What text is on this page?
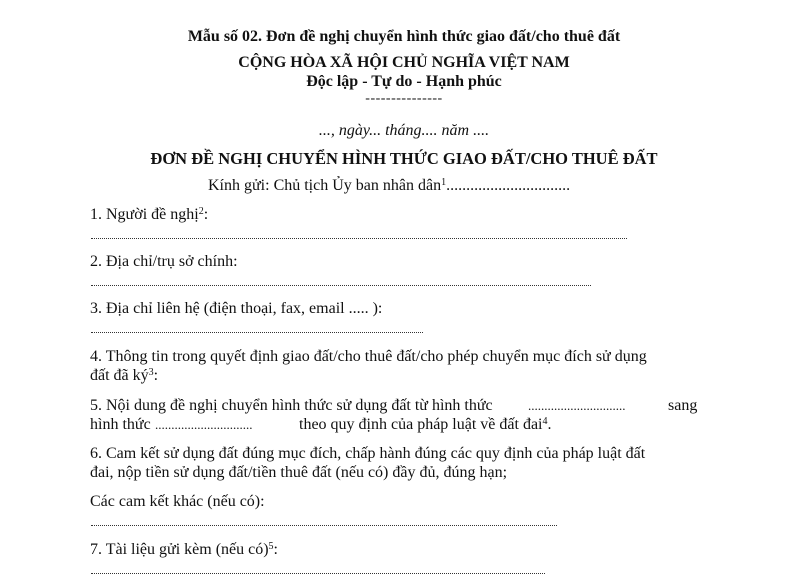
Mẫu số 02. Đơn đề nghị chuyển hình thức giao đất/cho thuê đất
CỘNG HÒA XÃ HỘI CHỦ NGHĨA VIỆT NAM
Độc lập - Tự do - Hạnh phúc
---------------
..., ngày... tháng.... năm ....
ĐƠN ĐỀ NGHỊ CHUYỂN HÌNH THỨC GIAO ĐẤT/CHO THUÊ ĐẤT
Kính gửi: Chủ tịch Ủy ban nhân dân$^1$...............................
1. Người đề nghị$^2$:
2. Địa chỉ/trụ sở chính:
3. Địa chỉ liên hệ (điện thoại, fax, email ..... ):
4. Thông tin trong quyết định giao đất/cho thuê đất/cho phép chuyển mục đích sử dụng
đất đã $ký^3$:
5. Nội dung đề nghị chuyển hình thức sử dụng đất từ hình thức	..............................	sang
hình thức ..............................	theo quy định của pháp luật về đất đai$^4$.
6. Cam kết sử dụng đất đúng mục đích, chấp hành đúng các quy định của pháp luật đất
đai, nộp tiền sử dụng đất/tiền thuê đất (nếu có) đầy đủ, đúng hạn;
Các cam kết khác (nếu có):
7. Tài liệu gửi kèm (nếu có)$^5$:
